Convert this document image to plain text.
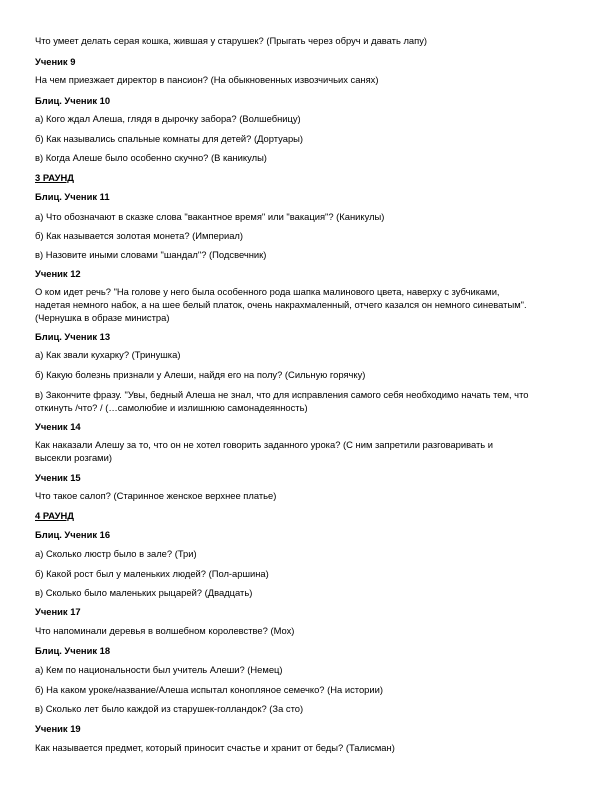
Что умеет делать серая кошка, жившая у старушек? (Прыгать через обруч и давать лапу)
Ученик 9
На чем приезжает директор в пансион? (На обыкновенных извозчичьих санях)
Блиц. Ученик 10
а) Кого ждал Алеша, глядя в дырочку забора? (Волшебницу)
б) Как назывались спальные комнаты для детей? (Дортуары)
в) Когда Алеше было особенно скучно? (В каникулы)
3 РАУНД
Блиц. Ученик 11
а) Что обозначают в сказке слова "вакантное время" или "вакация"? (Каникулы)
б) Как называется золотая монета? (Империал)
в) Назовите иными словами "шандал"? (Подсвечник)
Ученик 12
О ком идет речь? "На голове у него была особенного рода шапка малинового цвета, наверху с зубчиками,
надетая немного набок, а на шее белый платок, очень накрахмаленный, отчего казался он немного синеватым".
(Чернушка в образе министра)
Блиц. Ученик 13
а) Как звали кухарку? (Тринушка)
б) Какую болезнь признали у Алеши, найдя его на полу? (Сильную горячку)
в) Закончите фразу. "Увы, бедный Алеша не знал, что для исправления самого себя необходимо начать тем, что
откинуть /что? / (…самолюбие и излишнюю самонадеянность)
Ученик 14
Как наказали Алешу за то, что он не хотел говорить заданного урока? (С ним запретили разговаривать и
высекли розгами)
Ученик 15
Что такое салоп? (Старинное женское верхнее платье)
4 РАУНД
Блиц. Ученик 16
а) Сколько люстр было в зале? (Три)
б) Какой рост был у маленьких людей? (Пол-аршина)
в) Сколько было маленьких рыцарей? (Двадцать)
Ученик 17
Что напоминали деревья в волшебном королевстве? (Мох)
Блиц. Ученик 18
а) Кем по национальности был учитель Алеши? (Немец)
б) На каком уроке/название/Алеша испытал конопляное семечко? (На истории)
в) Сколько лет было каждой из старушек-голландок? (За сто)
Ученик 19
Как называется предмет, который приносит счастье и хранит от беды? (Талисман)
